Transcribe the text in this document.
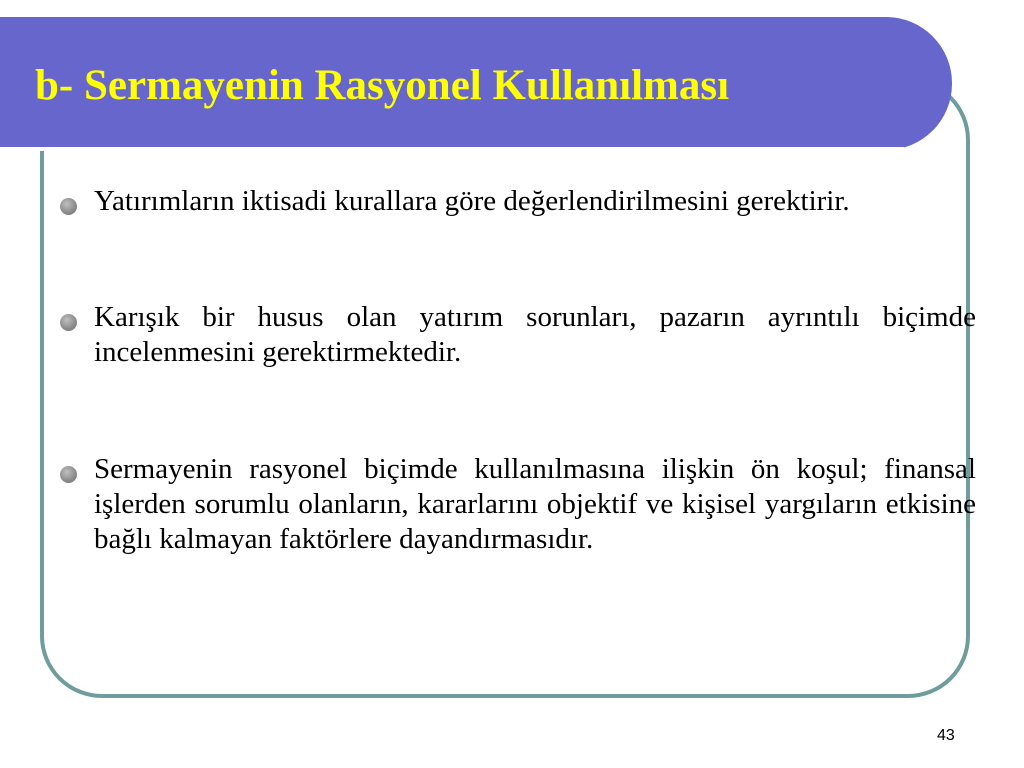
b- Sermayenin Rasyonel Kullanılması
Yatırımların iktisadi kurallara göre değerlendirilmesini gerektirir.
Karışık bir husus olan yatırım sorunları, pazarın ayrıntılı biçimde incelenmesini gerektirmektedir.
Sermayenin rasyonel biçimde kullanılmasına ilişkin ön koşul; finansal işlerden sorumlu olanların, kararlarını objektif ve kişisel yargıların etkisine bağlı kalmayan faktörlere dayandırmasıdır.
43
